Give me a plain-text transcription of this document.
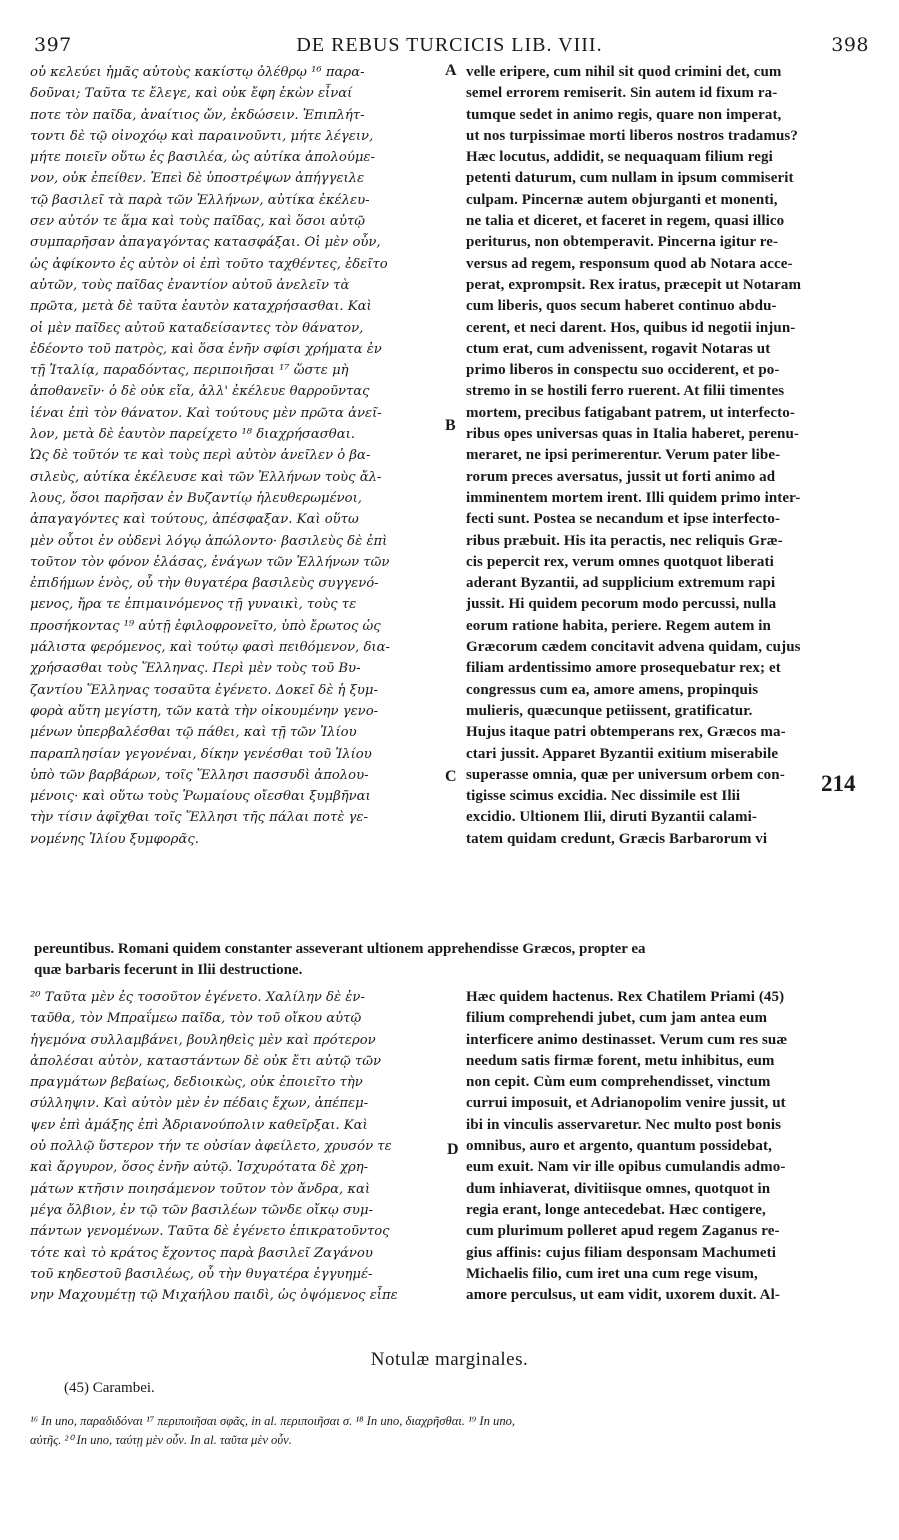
397	DE REBUS TURCICIS LIB. VIII.	398
οὐ κελεύει ἡμᾶς αὐτοὺς κακίστῳ ὀλέθρῳ ¹⁶ παρα-
δοῦναι; Ταῦτα τε ἔλεγε, καὶ οὐκ ἔφη ἑκὼν εἶναί
ποτε τὸν παῖδα, ἀναίτιος ὤν, ἐκδώσειν. Ἐπιπλήτ-
τοντι δὲ τῷ οἰνοχόῳ καὶ παραινοῦντι, μήτε λέγειν,
μήτε ποιεῖν οὕτω ἐς βασιλέα, ὡς αὐτίκα ἀπολούμε-
νον, οὐκ ἐπείθεν. Ἐπεὶ δὲ ὑποστρέψων ἀπήγγειλε
τῷ βασιλεῖ τὰ παρὰ τῶν Ἑλλήνων, αὐτίκα ἐκέλευ-
σεν αὐτόν τε ἅμα καὶ τοὺς παῖδας, καὶ ὅσοι αὐτῷ
συμπαρῆσαν ἀπαγαγόντας κατασφάξαι. Οἱ μὲν οὖν,
ὡς ἀφίκοντο ἐς αὐτὸν οἱ ἐπὶ τοῦτο ταχθέντες, ἐδεῖτο
αὐτῶν, τοὺς παῖδας ἐναντίον αὐτοῦ ἀνελεῖν τὰ
πρῶτα, μετὰ δὲ ταῦτα ἑαυτὸν καταχρήσασθαι. Καὶ
οἱ μὲν παῖδες αὐτοῦ καταδείσαντες τὸν θάνατον,
ἐδέοντο τοῦ πατρὸς, καὶ ὅσα ἐνῆν σφίσι χρήματα ἐν
τῇ Ἰταλίᾳ, παραδόντας, περιποιῆσαι ¹⁷ ὥστε μὴ
ἀποθανεῖν· ὁ δὲ οὐκ εἴα, ἀλλ' ἐκέλευε θαρροῦντας
ἰέναι ἐπὶ τὸν θάνατον. Καὶ τούτους μὲν πρῶτα ἀνεῖ-
λον, μετὰ δὲ ἑαυτὸν παρείχετο ¹⁸ διαχρήσασθαι.
Ὡς δὲ τοῦτόν τε καὶ τοὺς περὶ αὐτὸν ἀνεῖλεν ὁ βα-
σιλεὺς, αὐτίκα ἐκέλευσε καὶ τῶν Ἑλλήνων τοὺς ἄλ-
λους, ὅσοι παρῆσαν ἐν Βυζαντίῳ ἠλευθερωμένοι,
ἀπαγαγόντες καὶ τούτους, ἀπέσφαξαν. Καὶ οὕτω
μὲν οὗτοι ἐν οὐδενὶ λόγῳ ἀπώλοντο· βασιλεὺς δὲ ἐπὶ
τοῦτον τὸν φόνον ἐλάσας, ἐνάγων τῶν Ἑλλήνων τῶν
ἐπιδήμων ἑνὸς, οὗ τὴν θυγατέρα βασιλεὺς συγγενό-
μενος, ἤρα τε ἐπιμαινόμενος τῇ γυναικὶ, τοὺς τε
προσήκοντας ¹⁹ αὐτῇ ἐφιλοφρονεῖτο, ὑπὸ ἔρωτος ὡς
μάλιστα φερόμενος, καὶ τούτῳ φασὶ πειθόμενον, δια-
χρήσασθαι τοὺς Ἕλληνας. Περὶ μὲν τοὺς τοῦ Βυ-
ζαντίου Ἕλληνας τοσαῦτα ἐγένετο. Δοκεῖ δὲ ἡ ξυμ-
φορὰ αὕτη μεγίστη, τῶν κατὰ τὴν οἰκουμένην γενο-
μένων ὑπερβαλέσθαι τῷ πάθει, καὶ τῇ τῶν Ἰλίου
παραπλησίαν γεγονέναι, δίκην γενέσθαι τοῦ Ἰλίου
ὑπὸ τῶν βαρβάρων, τοῖς Ἕλλησι πασσυδὶ ἀπολου-
μένοις· καὶ οὕτω τοὺς Ῥωμαίους οἴεσθαι ξυμβῆναι
τὴν τίσιν ἀφῖχθαι τοῖς Ἕλλησι τῆς πάλαι ποτὲ γε-
νομένης Ἰλίου ξυμφορᾶς.
velle eripere, cum nihil sit quod crimini det, cum
semel errorem remiserit. Sin autem id fixum ra-
tumque sedet in animo regis, quare non imperat,
ut nos turpissimae morti liberos nostros tradamus?
Hæc locutus, addidit, se nequaquam filium regi
petenti daturum, cum nullam in ipsum commiserit
culpam. Pincernæ autem objurganti et monenti,
ne talia et diceret, et faceret in regem, quasi illico
periturus, non obtemperavit. Pincerna igitur re-
versus ad regem, responsum quod ab Notara acce-
perat, exprompsit. Rex iratus, præcepit ut Notaram
cum liberis, quos secum haberet continuo abdu-
cerent, et neci darent. Hos, quibus id negotii injun-
ctum erat, cum advenissent, rogavit Notaras ut
primo liberos in conspectu suo occiderent, et po-
stremo in se hostili ferro ruerent. At filii timentes
mortem, precibus fatigabant patrem, ut interfecto-
ribus opes universas quas in Italia haberet, perenu-
meraret, ne ipsi perimerentur. Verum pater libe-
rorum preces aversatus, jussit ut forti animo ad
imminentem mortem irent. Illi quidem primo inter-
fecti sunt. Postea se necandum et ipse interfecto-
ribus præbuit. His ita peractis, nec reliquis Græ-
cis pepercit rex, verum omnes quotquot liberati
aderant Byzantii, ad supplicium extremum rapi
jussit. Hi quidem pecorum modo percussi, nulla
eorum ratione habita, periere. Regem autem in
Græcorum cædem concitavit advena quidam, cujus
filiam ardentissimo amore prosequebatur rex; et
congressus cum ea, amore amens, propinquis
mulieris, quæcunque petiissent, gratificatur.
Hujus itaque patri obtemperans rex, Græcos ma-
ctari jussit. Apparet Byzantii exitium miserabile
superasse omnia, quæ per universum orbem con-
tigisse scimus excidia. Nec dissimile est Ilii
excidio. Ultionem Ilii, diruti Byzantii calami-
tatem quidam credunt, Græcis Barbarorum vi
A
B
C
D
214
pereuntibus. Romani quidem constanter asseverant ultionem apprehendisse Græcos, propter ea
quæ barbaris fecerunt in Ilii destructione.
²⁰ Ταῦτα μὲν ἐς τοσοῦτον ἐγένετο. Χαλίλην δὲ ἐν-
ταῦθα, τὸν Μπραΐμεω παῖδα, τὸν τοῦ οἴκου αὐτῷ
ἡγεμόνα συλλαμβάνει, βουληθεὶς μὲν καὶ πρότερον
ἀπολέσαι αὐτὸν, καταστάντων δὲ οὐκ ἔτι αὐτῷ τῶν
πραγμάτων βεβαίως, δεδιοικὼς, οὐκ ἐποιεῖτο τὴν
σύλληψιν. Καὶ αὐτὸν μὲν ἐν πέδαις ἔχων, ἀπέπεμ-
ψεν ἐπὶ ἁμάξης ἐπὶ Ἀδριανούπολιν καθεῖρξαι. Καὶ
οὐ πολλῷ ὕστερον τήν τε οὐσίαν ἀφείλετο, χρυσόν τε
καὶ ἄργυρον, ὅσος ἐνῆν αὐτῷ. Ἰσχυρότατα δὲ χρη-
μάτων κτῆσιν ποιησάμενον τοῦτον τὸν ἄνδρα, καὶ
μέγα ὄλβιον, ἐν τῷ τῶν βασιλέων τῶνδε οἴκῳ συμ-
πάντων γενομένων. Ταῦτα δὲ ἐγένετο ἐπικρατοῦντος
τότε καὶ τὸ κράτος ἔχοντος παρὰ βασιλεῖ Ζαγάνου
τοῦ κηδεστοῦ βασιλέως, οὗ τὴν θυγατέρα ἐγγυημέ-
νην Μαχουμέτῃ τῷ Μιχαήλου παιδὶ, ὡς ὀψόμενος εἶπε
Hæc quidem hactenus. Rex Chatilem Priami (45)
filium comprehendi jubet, cum jam antea eum
interficere animo destinasset. Verum cum res suæ
needum satis firmæ forent, metu inhibitus, eum
non cepit. Cùm eum comprehendisset, vinctum
currui imposuit, et Adrianopolim venire jussit, ut
ibi in vinculis asservaretur. Nec multo post bonis
omnibus, auro et argento, quantum possidebat,
eum exuit. Nam vir ille opibus cumulandis admo-
dum inhiaverat, divitiisque omnes, quotquot in
regia erant, longe antecedebat. Hæc contigere,
cum plurimum polleret apud regem Zaganus re-
gius affinis: cujus filiam desponsam Machumeti
Michaelis filio, cum iret una cum rege visum,
amore perculsus, ut eam vidit, uxorem duxit. Al-
Notulæ marginales.
(45) Carambei.
¹⁶ In uno, παραδιδόναι ¹⁷ περιποιῆσαι σφᾶς, in al. περιποιῆσαι σ. ¹⁸ In uno, διαχρῆσθαι. ¹⁹ In uno,
αὐτῆς. ²⁰ In uno, ταύτῃ μὲν οὖν. In al. ταῦτα μὲν οὖν.
